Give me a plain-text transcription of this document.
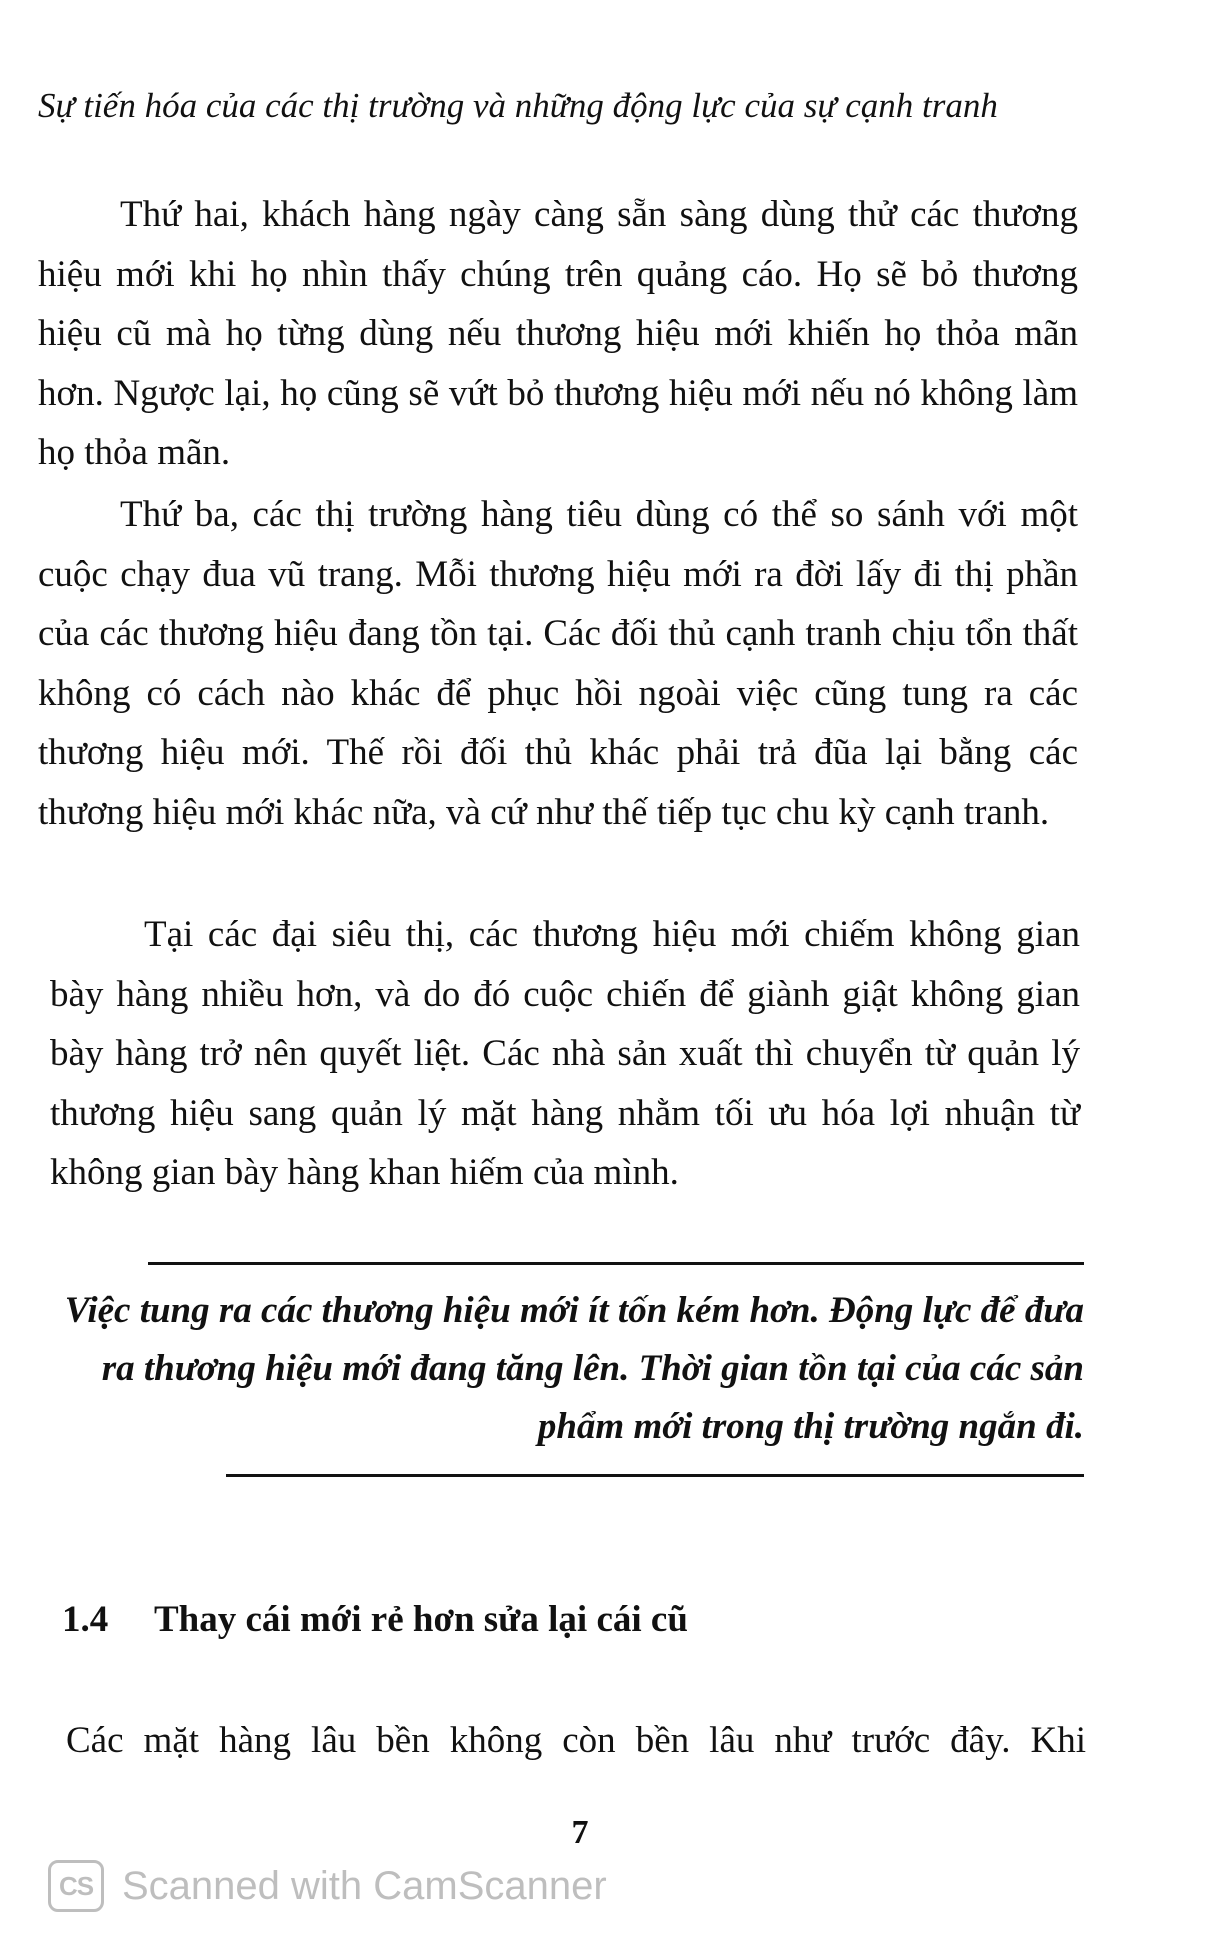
Sự tiến hóa của các thị trường và những động lực của sự cạnh tranh

Thứ hai, khách hàng ngày càng sẵn sàng dùng thử các thương hiệu mới khi họ nhìn thấy chúng trên quảng cáo. Họ sẽ bỏ thương hiệu cũ mà họ từng dùng nếu thương hiệu mới khiến họ thỏa mãn hơn. Ngược lại, họ cũng sẽ vứt bỏ thương hiệu mới nếu nó không làm họ thỏa mãn.

Thứ ba, các thị trường hàng tiêu dùng có thể so sánh với một cuộc chạy đua vũ trang. Mỗi thương hiệu mới ra đời lấy đi thị phần của các thương hiệu đang tồn tại. Các đối thủ cạnh tranh chịu tổn thất không có cách nào khác để phục hồi ngoài việc cũng tung ra các thương hiệu mới. Thế rồi đối thủ khác phải trả đũa lại bằng các thương hiệu mới khác nữa, và cứ như thế tiếp tục chu kỳ cạnh tranh.

Tại các đại siêu thị, các thương hiệu mới chiếm không gian bày hàng nhiều hơn, và do đó cuộc chiến để giành giật không gian bày hàng trở nên quyết liệt. Các nhà sản xuất thì chuyển từ quản lý thương hiệu sang quản lý mặt hàng nhằm tối ưu hóa lợi nhuận từ không gian bày hàng khan hiếm của mình.

Việc tung ra các thương hiệu mới ít tốn kém hơn. Động lực để đưa ra thương hiệu mới đang tăng lên. Thời gian tồn tại của các sản phẩm mới trong thị trường ngắn đi.

1.4 Thay cái mới rẻ hơn sửa lại cái cũ

Các mặt hàng lâu bền không còn bền lâu như trước đây. Khi

7
CS Scanned with CamScanner
